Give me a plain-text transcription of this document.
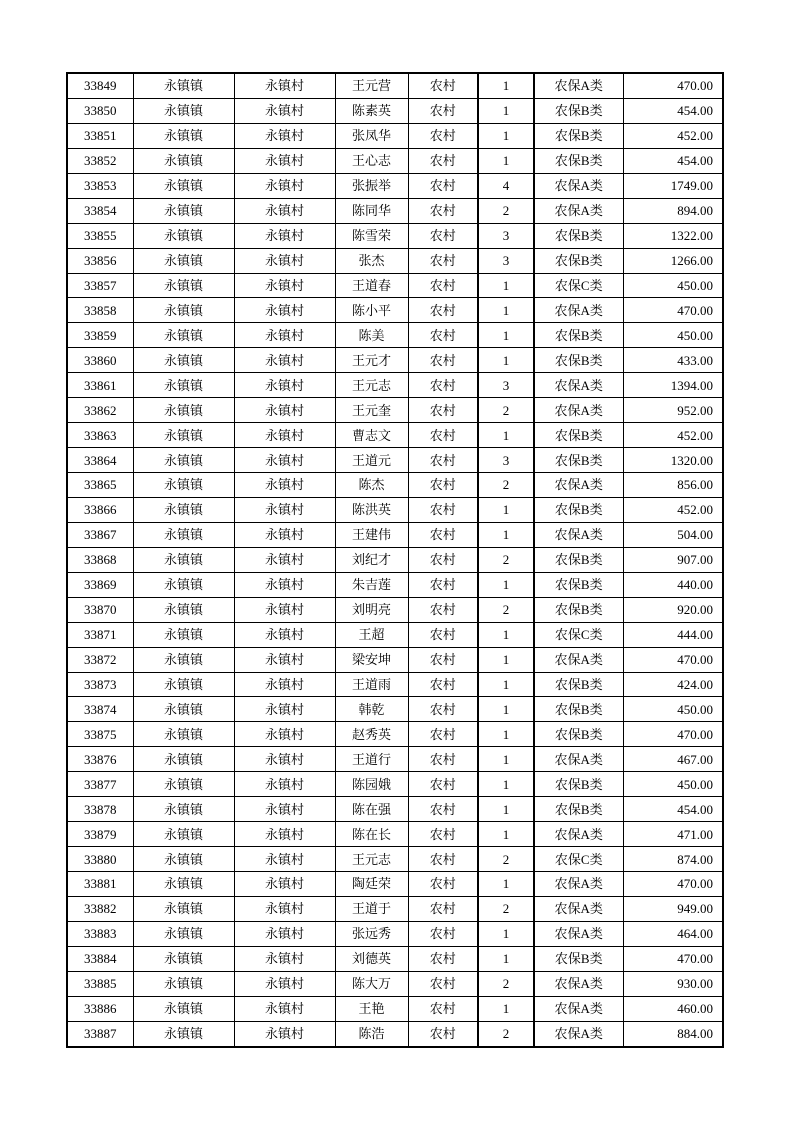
33849	永镇镇	永镇村	王元营	农村	1	农保A类	470.00
33850	永镇镇	永镇村	陈素英	农村	1	农保B类	454.00
33851	永镇镇	永镇村	张凤华	农村	1	农保B类	452.00
33852	永镇镇	永镇村	王心志	农村	1	农保B类	454.00
33853	永镇镇	永镇村	张振举	农村	4	农保A类	1749.00
33854	永镇镇	永镇村	陈同华	农村	2	农保A类	894.00
33855	永镇镇	永镇村	陈雪荣	农村	3	农保B类	1322.00
33856	永镇镇	永镇村	张杰	农村	3	农保B类	1266.00
33857	永镇镇	永镇村	王道春	农村	1	农保C类	450.00
33858	永镇镇	永镇村	陈小平	农村	1	农保A类	470.00
33859	永镇镇	永镇村	陈美	农村	1	农保B类	450.00
33860	永镇镇	永镇村	王元才	农村	1	农保B类	433.00
33861	永镇镇	永镇村	王元志	农村	3	农保A类	1394.00
33862	永镇镇	永镇村	王元奎	农村	2	农保A类	952.00
33863	永镇镇	永镇村	曹志文	农村	1	农保B类	452.00
33864	永镇镇	永镇村	王道元	农村	3	农保B类	1320.00
33865	永镇镇	永镇村	陈杰	农村	2	农保A类	856.00
33866	永镇镇	永镇村	陈洪英	农村	1	农保B类	452.00
33867	永镇镇	永镇村	王建伟	农村	1	农保A类	504.00
33868	永镇镇	永镇村	刘纪才	农村	2	农保B类	907.00
33869	永镇镇	永镇村	朱吉莲	农村	1	农保B类	440.00
33870	永镇镇	永镇村	刘明亮	农村	2	农保B类	920.00
33871	永镇镇	永镇村	王超	农村	1	农保C类	444.00
33872	永镇镇	永镇村	梁安坤	农村	1	农保A类	470.00
33873	永镇镇	永镇村	王道雨	农村	1	农保B类	424.00
33874	永镇镇	永镇村	韩乾	农村	1	农保B类	450.00
33875	永镇镇	永镇村	赵秀英	农村	1	农保B类	470.00
33876	永镇镇	永镇村	王道行	农村	1	农保A类	467.00
33877	永镇镇	永镇村	陈园娥	农村	1	农保B类	450.00
33878	永镇镇	永镇村	陈在强	农村	1	农保B类	454.00
33879	永镇镇	永镇村	陈在长	农村	1	农保A类	471.00
33880	永镇镇	永镇村	王元志	农村	2	农保C类	874.00
33881	永镇镇	永镇村	陶廷荣	农村	1	农保A类	470.00
33882	永镇镇	永镇村	王道于	农村	2	农保A类	949.00
33883	永镇镇	永镇村	张远秀	农村	1	农保A类	464.00
33884	永镇镇	永镇村	刘德英	农村	1	农保B类	470.00
33885	永镇镇	永镇村	陈大万	农村	2	农保A类	930.00
33886	永镇镇	永镇村	王艳	农村	1	农保A类	460.00
33887	永镇镇	永镇村	陈浩	农村	2	农保A类	884.00
